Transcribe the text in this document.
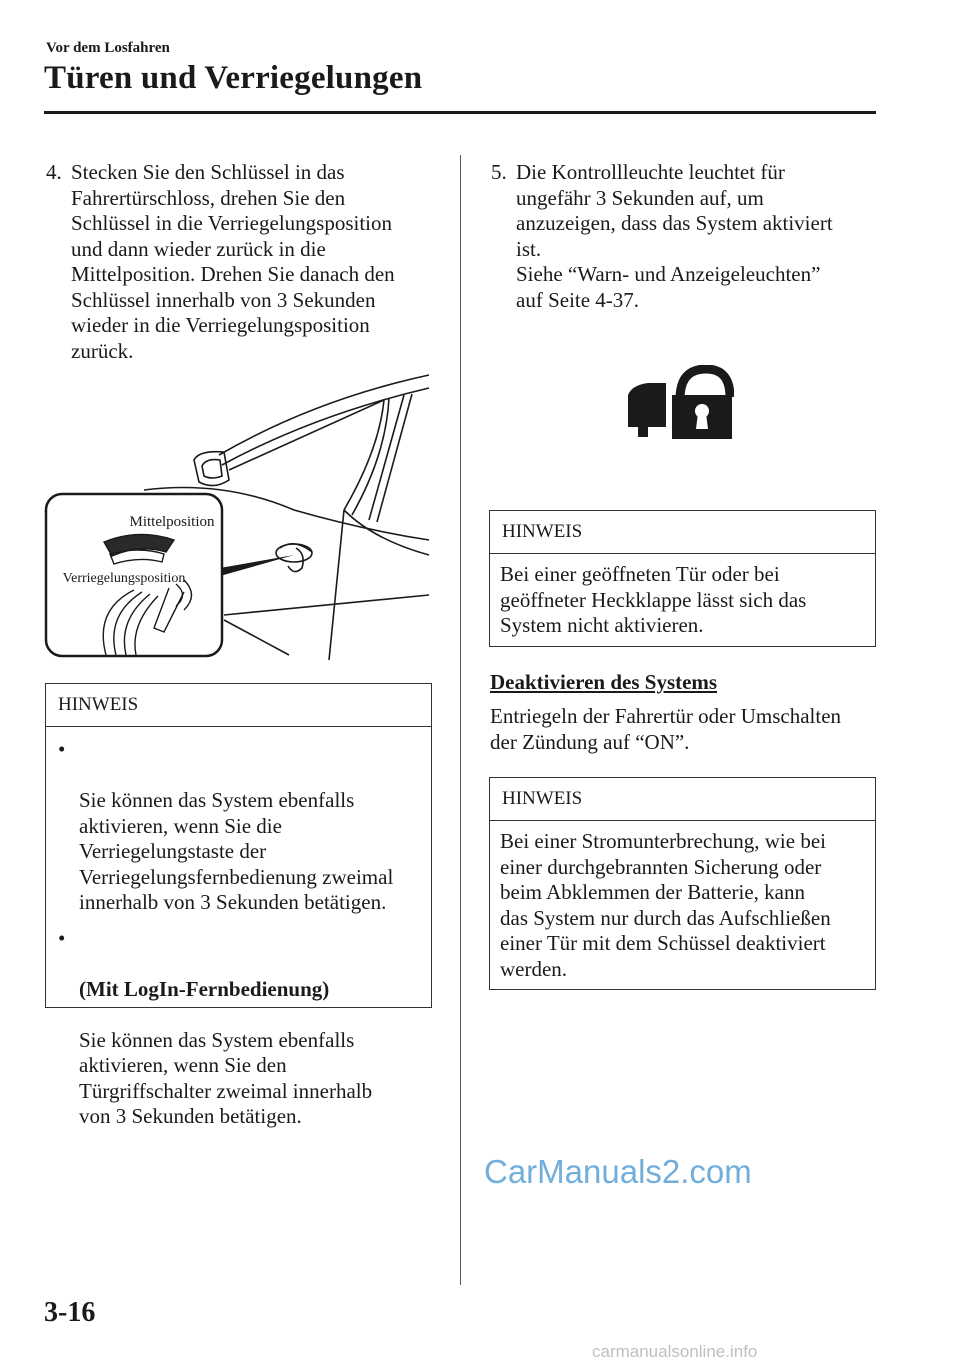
Vor dem Losfahren
Türen und Verriegelungen
4. Stecken Sie den Schlüssel in das
Fahrertürschloss, drehen Sie den
Schlüssel in die Verriegelungsposition
und dann wieder zurück in die
Mittelposition. Drehen Sie danach den
Schlüssel innerhalb von 3 Sekunden
wieder in die Verriegelungsposition
zurück.
Mittelposition
Verriegelungsposition
HINWEIS

•

Sie können das System ebenfalls
aktivieren, wenn Sie die
Verriegelungstaste der
Verriegelungsfernbedienung zweimal
innerhalb von 3 Sekunden betätigen.

•

(Mit LogIn-Fernbedienung)

Sie können das System ebenfalls
aktivieren, wenn Sie den
Türgriffschalter zweimal innerhalb
von 3 Sekunden betätigen.

5. Die Kontrollleuchte leuchtet für
ungefähr 3 Sekunden auf, um
anzuzeigen, dass das System aktiviert
ist.
Siehe “Warn- und Anzeigeleuchten”
auf Seite 4-37.
HINWEIS
Bei einer geöffneten Tür oder bei
geöffneter Heckklappe lässt sich das
System nicht aktivieren.
Deaktivieren des Systems
Entriegeln der Fahrertür oder Umschalten
der Zündung auf “ON”.
HINWEIS
Bei einer Stromunterbrechung, wie bei
einer durchgebrannten Sicherung oder
beim Abklemmen der Batterie, kann
das System nur durch das Aufschließen
einer Tür mit dem Schüssel deaktiviert
werden.
3-16
CarManuals2.com
carmanualsonline.info
